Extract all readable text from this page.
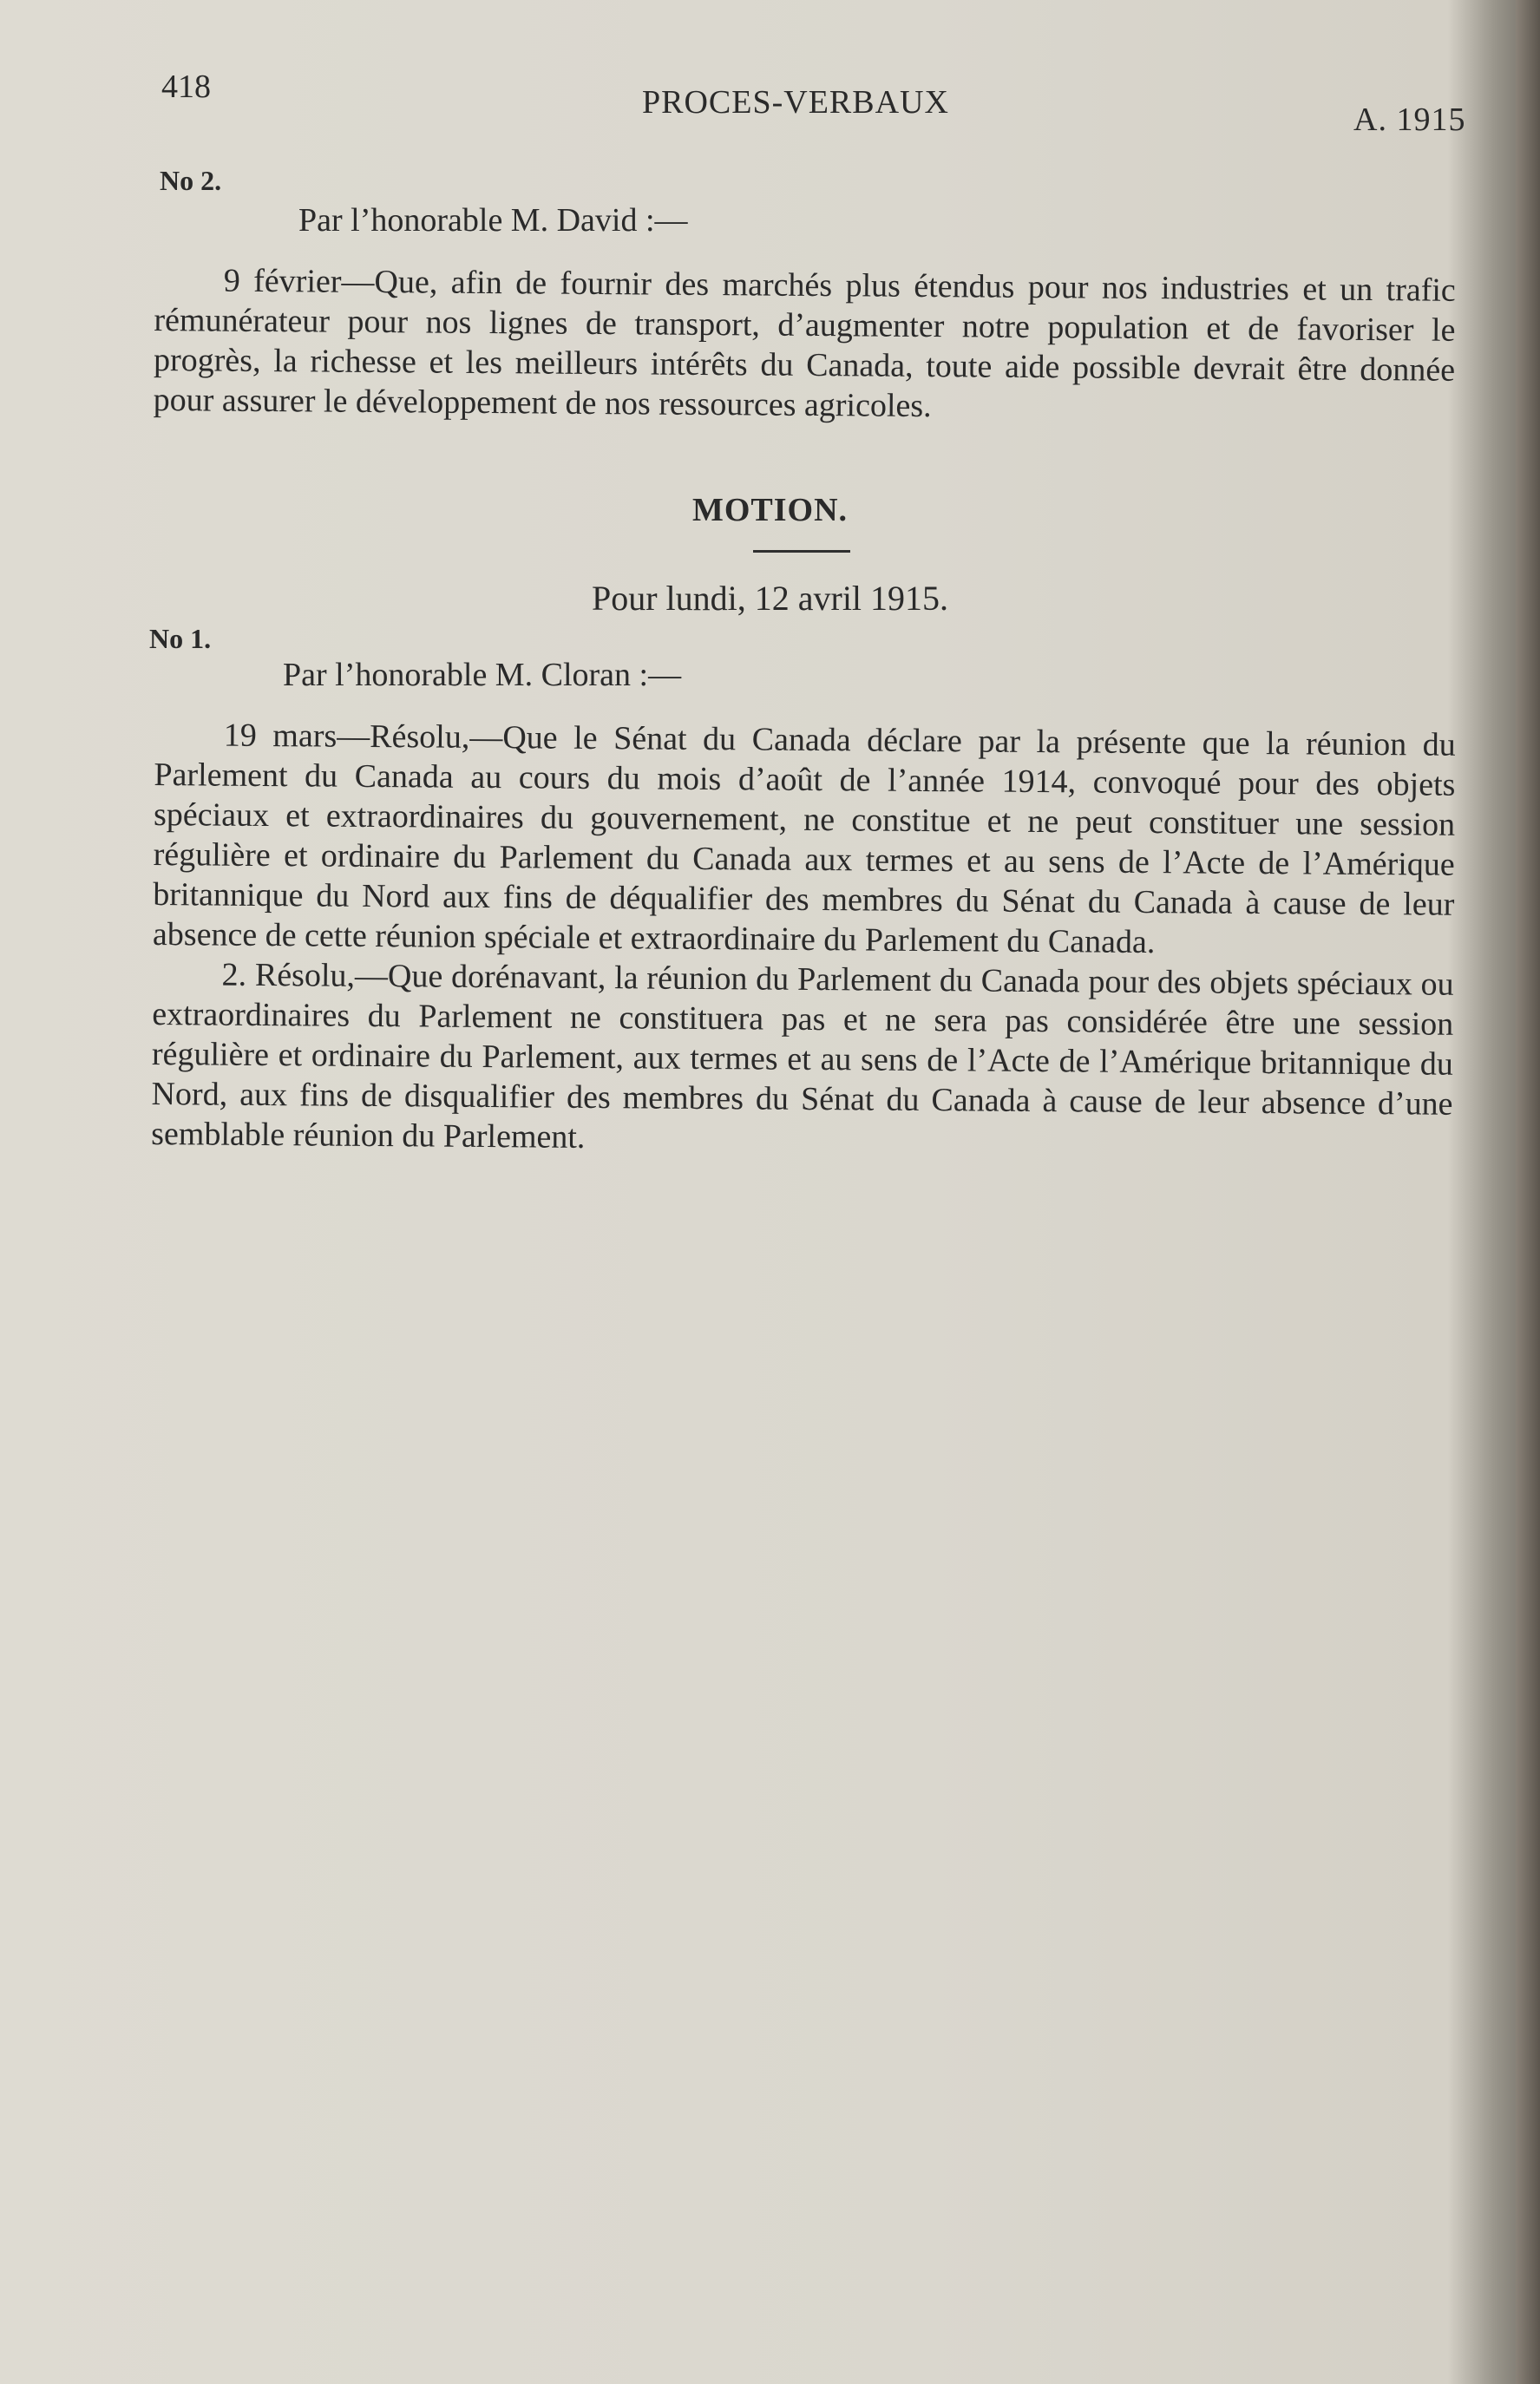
418	PROCES-VERBAUX	A. 1915
No 2.
Par l’honorable M. David :—

9 février—Que, afin de fournir des marchés plus étendus pour nos industries et un trafic rémunérateur pour nos lignes de transport, d’augmenter notre population et de favoriser le progrès, la richesse et les meilleurs intérêts du Canada, toute aide possible devrait être donnée pour assurer le développement de nos ressources agricoles.

MOTION.
Pour lundi, 12 avril 1915.
No 1.
Par l’honorable M. Cloran :—

19 mars—Résolu,—Que le Sénat du Canada déclare par la présente que la réunion du Parlement du Canada au cours du mois d’août de l’année 1914, convoqué pour des objets spéciaux et extraordinaires du gouvernement, ne constitue et ne peut constituer une session régulière et ordinaire du Parlement du Canada aux termes et au sens de l’Acte de l’Amérique britannique du Nord aux fins de déqualifier des membres du Sénat du Canada à cause de leur absence de cette réunion spéciale et extraordinaire du Parlement du Canada.

2. Résolu,—Que dorénavant, la réunion du Parlement du Canada pour des objets spéciaux ou extraordinaires du Parlement ne constituera pas et ne sera pas considérée être une session régulière et ordinaire du Parlement, aux termes et au sens de l’Acte de l’Amérique britannique du Nord, aux fins de disqualifier des membres du Sénat du Canada à cause de leur absence d’une semblable réunion du Parlement.
